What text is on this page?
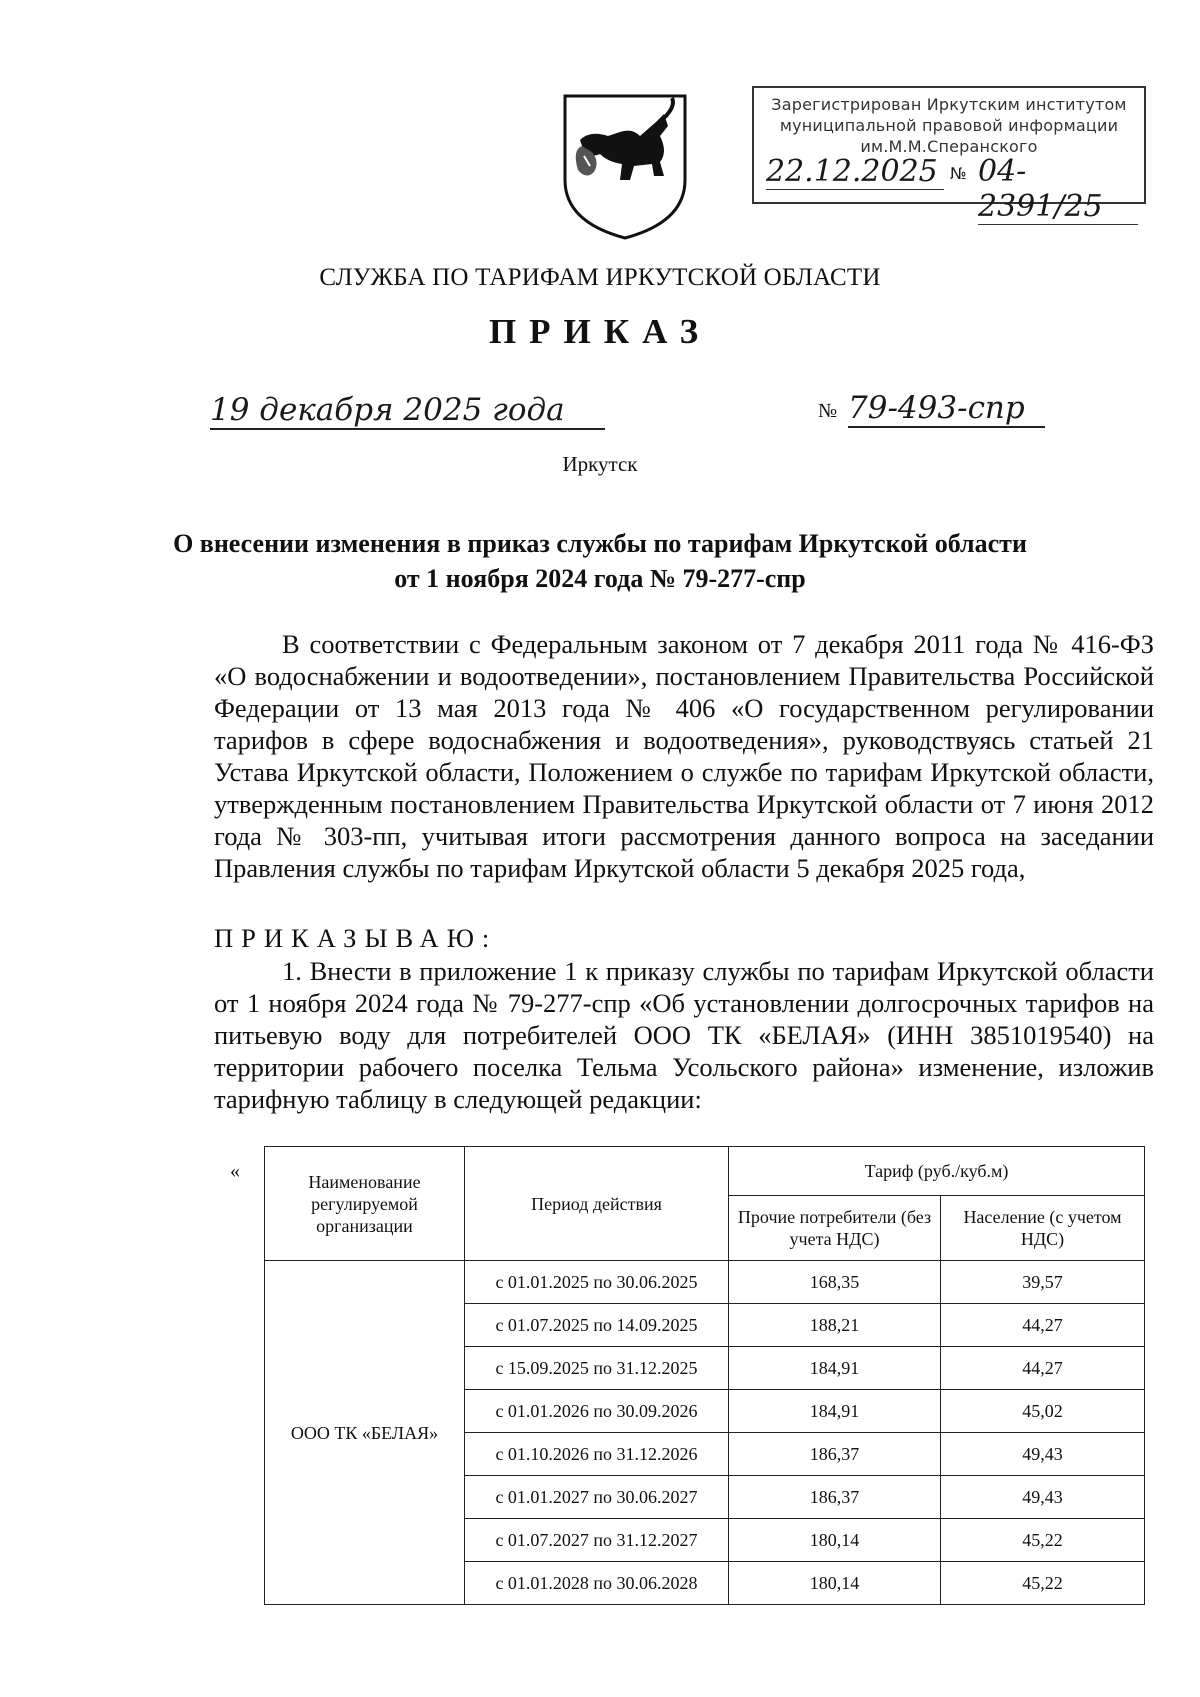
Зарегистрирован Иркутским институтом
муниципальной правовой информации
им.М.М.Сперанского
22.12.2025 № 04-2391/25
СЛУЖБА ПО ТАРИФАМ ИРКУТСКОЙ ОБЛАСТИ
ПРИКАЗ
19 декабря 2025 года	№ 79-493-спр
Иркутск
О внесении изменения в приказ службы по тарифам Иркутской области
от 1 ноября 2024 года № 79-277-спр
В соответствии с Федеральным законом от 7 декабря 2011 года № 416-ФЗ «О водоснабжении и водоотведении», постановлением Правительства Российской Федерации от 13 мая 2013 года № 406 «О государственном регулировании тарифов в сфере водоснабжения и водоотведения», руководствуясь статьей 21 Устава Иркутской области, Положением о службе по тарифам Иркутской области, утвержденным постановлением Правительства Иркутской области от 7 июня 2012 года № 303-пп, учитывая итоги рассмотрения данного вопроса на заседании Правления службы по тарифам Иркутской области 5 декабря 2025 года,
ПРИКАЗЫВАЮ:
1. Внести в приложение 1 к приказу службы по тарифам Иркутской области от 1 ноября 2024 года № 79-277-спр «Об установлении долгосрочных тарифов на питьевую воду для потребителей ООО ТК «БЕЛАЯ» (ИНН 3851019540) на территории рабочего поселка Тельма Усольского района» изменение, изложив тарифную таблицу в следующей редакции:
«	Наименование регулируемой организации	Период действия	Тариф (руб./куб.м)	
		Прочие потребители (без учета НДС)	Население (с учетом НДС)
ООО ТК «БЕЛАЯ»	с 01.01.2025 по 30.06.2025	168,35	39,57
	с 01.07.2025 по 14.09.2025	188,21	44,27
	с 15.09.2025 по 31.12.2025	184,91	44,27
	с 01.01.2026 по 30.09.2026	184,91	45,02
	с 01.10.2026 по 31.12.2026	186,37	49,43
	с 01.01.2027 по 30.06.2027	186,37	49,43
	с 01.07.2027 по 31.12.2027	180,14	45,22
	с 01.01.2028 по 30.06.2028	180,14	45,22
